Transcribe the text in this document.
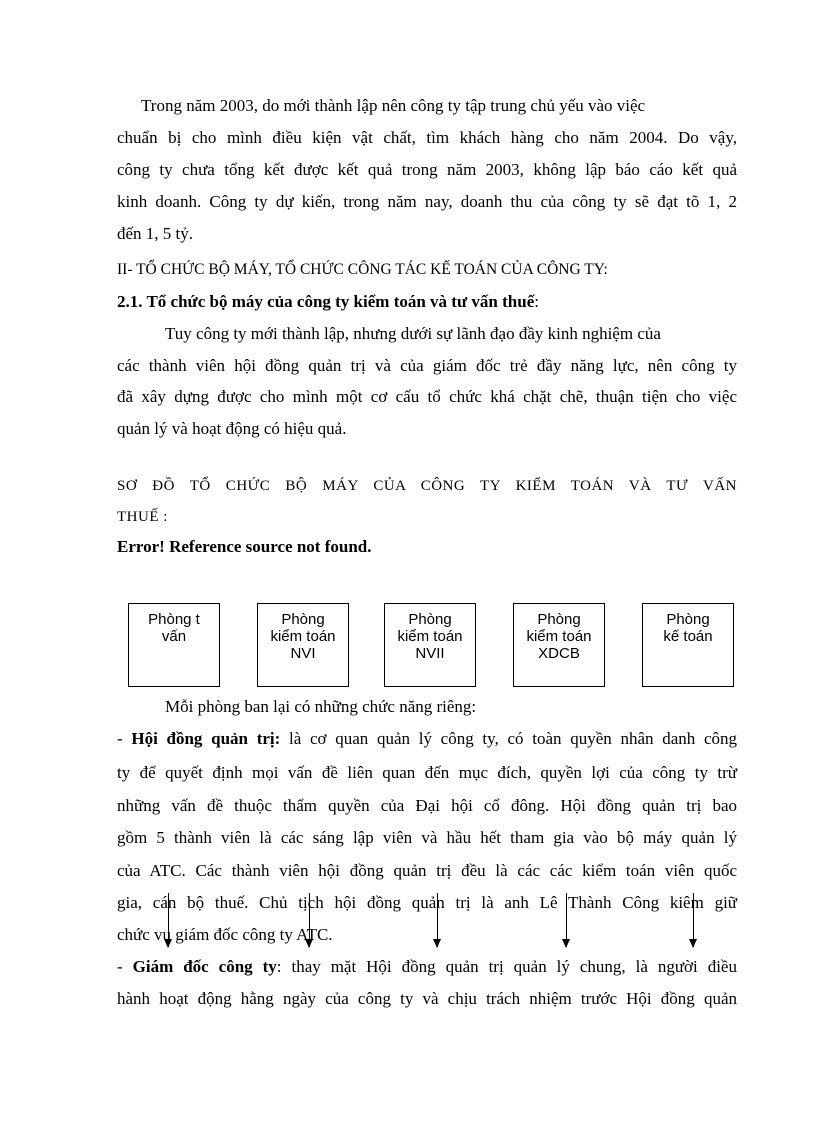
Trong năm 2003, do mới thành lập nên công ty tập trung chủ yếu vào việc
chuẩn bị cho mình điều kiện vật chất, tìm khách hàng cho năm 2004. Do vậy,
công ty chưa tổng kết được kết quả trong năm 2003, không lập báo cáo kết quả
kinh doanh. Công ty dự kiến, trong năm nay, doanh thu của công ty sẽ đạt tõ 1, 2
đến 1, 5 tỷ.
II- TỔ CHỨC BỘ MÁY, TỔ CHỨC CÔNG TÁC KẾ TOÁN CỦA CÔNG TY:
2.1. Tổ chức bộ máy của công ty kiểm toán và tư vấn thuế:
Tuy công ty mới thành lập, nhưng dưới sự lãnh đạo đầy kinh nghiệm của
các thành viên hội đồng quản trị và của giám đốc trẻ đầy năng lực, nên công ty
đã xây dựng được cho mình một cơ cấu tổ chức khá chặt chẽ, thuận tiện cho việc
quản lý và hoạt động có hiệu quả.
SƠ ĐỒ TỔ CHỨC BỘ MÁY CỦA CÔNG TY KIỂM TOÁN VÀ TƯ VẤN
THUẾ :
Error! Reference source not found.
Phòng t
vấn
Phòng
kiểm toán
NVI
Phòng
kiểm toán
NVII
Phòng
kiểm toán
XDCB
Phòng
kế toán
Mỗi phòng ban lại có những chức năng riêng:
- Hội đồng quản trị: là cơ quan quản lý công ty, có toàn quyền nhân danh công
ty để quyết định mọi vấn đề liên quan đến mục đích, quyền lợi của công ty trừ
những vấn đề thuộc thẩm quyền của Đại hội cổ đông. Hội đồng quản trị bao
gồm 5 thành viên là các sáng lập viên và hầu hết tham gia vào bộ máy quản lý
của ATC. Các thành viên hội đồng quản trị đều là các các kiểm toán viên quốc
gia, cán bộ thuế. Chủ tịch hội đồng quản trị là anh Lê Thành Công kiêm giữ
chức vụ giám đốc công ty ATC.
- Giám đốc công ty: thay mặt Hội đồng quản trị quản lý chung, là người điều
hành hoạt động hằng ngày của công ty và chịu trách nhiệm trước Hội đồng quản
